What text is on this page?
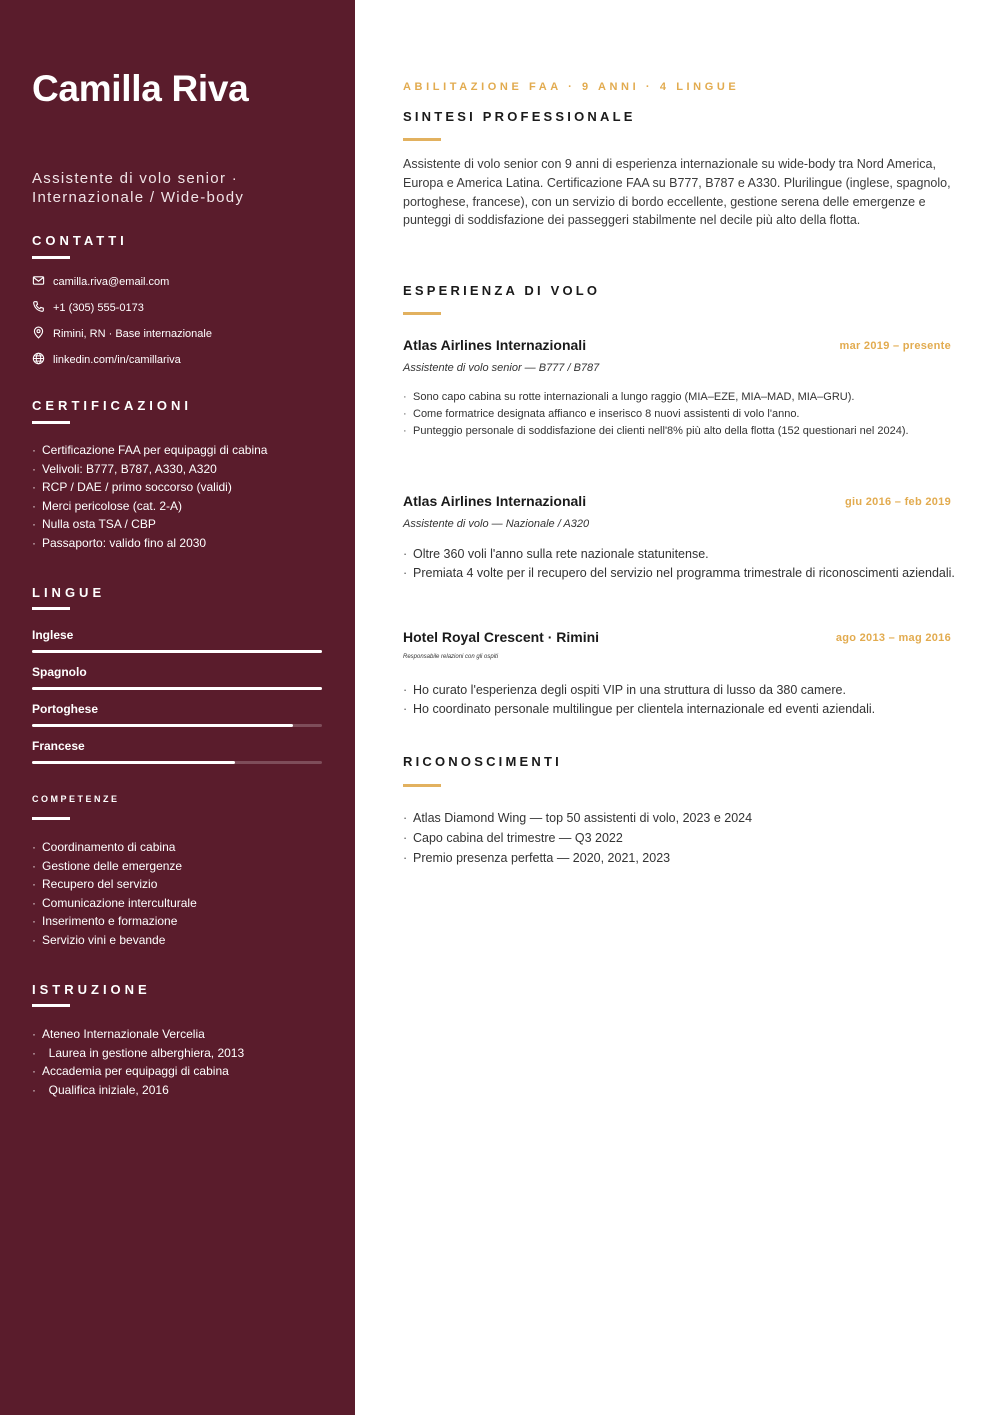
Camilla Riva
Assistente di volo senior · Internazionale / Wide-body
CONTATTI
camilla.riva@email.com
+1 (305) 555-0173
Rimini, RN · Base internazionale
linkedin.com/in/camillariva
CERTIFICAZIONI
· Certificazione FAA per equipaggi di cabina
· Velivoli: B777, B787, A330, A320
· RCP / DAE / primo soccorso (validi)
· Merci pericolose (cat. 2-A)
· Nulla osta TSA / CBP
· Passaporto: valido fino al 2030
LINGUE
Inglese
Spagnolo
Portoghese
Francese
COMPETENZE
· Coordinamento di cabina
· Gestione delle emergenze
· Recupero del servizio
· Comunicazione interculturale
· Inserimento e formazione
· Servizio vini e bevande
ISTRUZIONE
· Ateneo Internazionale Vercelia
·  Laurea in gestione alberghiera, 2013
· Accademia per equipaggi di cabina
·  Qualifica iniziale, 2016
ABILITAZIONE FAA · 9 ANNI · 4 LINGUE
SINTESI PROFESSIONALE

Assistente di volo senior con 9 anni di esperienza internazionale su wide-body tra Nord America, Europa e America Latina. Certificazione FAA su B777, B787 e A330. Plurilingue (inglese, spagnolo, portoghese, francese), con un servizio di bordo eccellente, gestione serena delle emergenze e punteggi di soddisfazione dei passeggeri stabilmente nel decile più alto della flotta.

ESPERIENZA DI VOLO
Atlas Airlines Internazionali	mar 2019 – presente
Assistente di volo senior — B777 / B787
· Sono capo cabina su rotte internazionali a lungo raggio (MIA–EZE, MIA–MAD, MIA–GRU).
· Come formatrice designata affianco e inserisco 8 nuovi assistenti di volo l'anno.
· Punteggio personale di soddisfazione dei clienti nell'8% più alto della flotta (152 questionari nel 2024).
Atlas Airlines Internazionali	giu 2016 – feb 2019
Assistente di volo — Nazionale / A320
· Oltre 360 voli l'anno sulla rete nazionale statunitense.
· Premiata 4 volte per il recupero del servizio nel programma trimestrale di riconoscimenti aziendali.
Hotel Royal Crescent · Rimini	ago 2013 – mag 2016
Responsabile relazioni con gli ospiti
· Ho curato l'esperienza degli ospiti VIP in una struttura di lusso da 380 camere.
· Ho coordinato personale multilingue per clientela internazionale ed eventi aziendali.
RICONOSCIMENTI
· Atlas Diamond Wing — top 50 assistenti di volo, 2023 e 2024
· Capo cabina del trimestre — Q3 2022
· Premio presenza perfetta — 2020, 2021, 2023
